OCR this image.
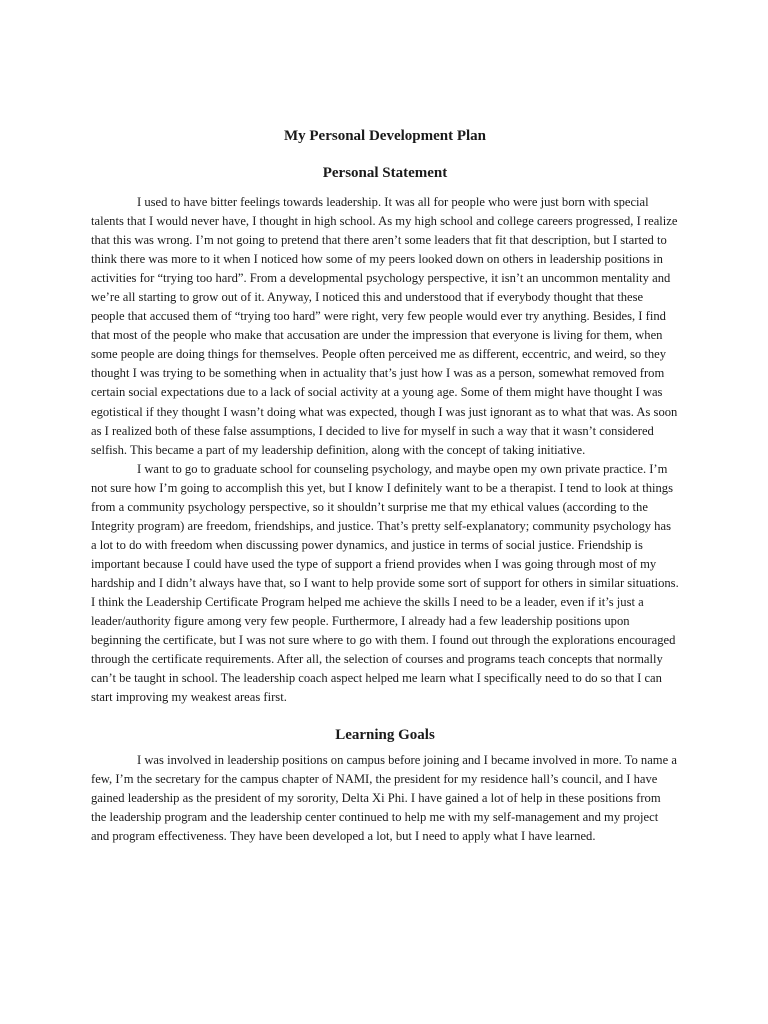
My Personal Development Plan
Personal Statement

I used to have bitter feelings towards leadership. It was all for people who were just born with special talents that I would never have, I thought in high school. As my high school and college careers progressed, I realize that this was wrong. I’m not going to pretend that there aren’t some leaders that fit that description, but I started to think there was more to it when I noticed how some of my peers looked down on others in leadership positions in activities for “trying too hard”. From a developmental psychology perspective, it isn’t an uncommon mentality and we’re all starting to grow out of it. Anyway, I noticed this and understood that if everybody thought that these people that accused them of “trying too hard” were right, very few people would ever try anything. Besides, I find that most of the people who make that accusation are under the impression that everyone is living for them, when some people are doing things for themselves. People often perceived me as different, eccentric, and weird, so they thought I was trying to be something when in actuality that’s just how I was as a person, somewhat removed from certain social expectations due to a lack of social activity at a young age. Some of them might have thought I was egotistical if they thought I wasn’t doing what was expected, though I was just ignorant as to what that was. As soon as I realized both of these false assumptions, I decided to live for myself in such a way that it wasn’t considered selfish. This became a part of my leadership definition, along with the concept of taking initiative.

I want to go to graduate school for counseling psychology, and maybe open my own private practice. I’m not sure how I’m going to accomplish this yet, but I know I definitely want to be a therapist. I tend to look at things from a community psychology perspective, so it shouldn’t surprise me that my ethical values (according to the Integrity program) are freedom, friendships, and justice. That’s pretty self-explanatory; community psychology has a lot to do with freedom when discussing power dynamics, and justice in terms of social justice. Friendship is important because I could have used the type of support a friend provides when I was going through most of my hardship and I didn’t always have that, so I want to help provide some sort of support for others in similar situations. I think the Leadership Certificate Program helped me achieve the skills I need to be a leader, even if it’s just a leader/authority figure among very few people. Furthermore, I already had a few leadership positions upon beginning the certificate, but I was not sure where to go with them. I found out through the explorations encouraged through the certificate requirements. After all, the selection of courses and programs teach concepts that normally can’t be taught in school. The leadership coach aspect helped me learn what I specifically need to do so that I can start improving my weakest areas first.

Learning Goals

I was involved in leadership positions on campus before joining and I became involved in more. To name a few, I’m the secretary for the campus chapter of NAMI, the president for my residence hall’s council, and I have gained leadership as the president of my sorority, Delta Xi Phi. I have gained a lot of help in these positions from the leadership program and the leadership center continued to help me with my self-management and my project and program effectiveness. They have been developed a lot, but I need to apply what I have learned.
